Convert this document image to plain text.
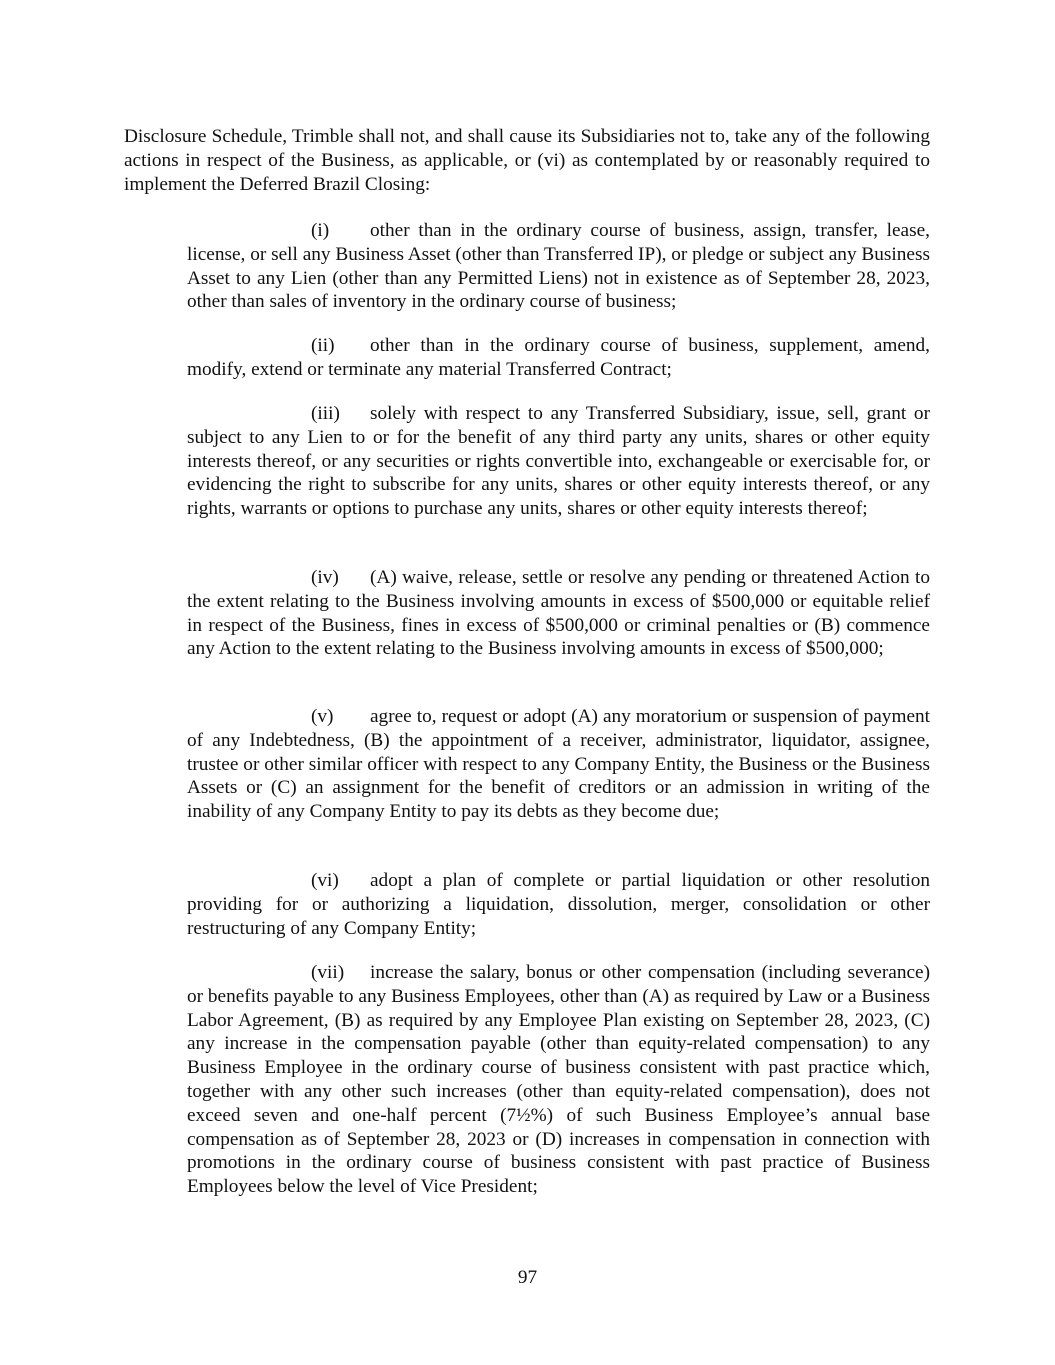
Disclosure Schedule, Trimble shall not, and shall cause its Subsidiaries not to, take any of the following actions in respect of the Business, as applicable, or (vi) as contemplated by or reasonably required to implement the Deferred Brazil Closing:

(i) other than in the ordinary course of business, assign, transfer, lease, license, or sell any Business Asset (other than Transferred IP), or pledge or subject any Business Asset to any Lien (other than any Permitted Liens) not in existence as of September 28, 2023, other than sales of inventory in the ordinary course of business;

(ii) other than in the ordinary course of business, supplement, amend, modify, extend or terminate any material Transferred Contract;

(iii) solely with respect to any Transferred Subsidiary, issue, sell, grant or subject to any Lien to or for the benefit of any third party any units, shares or other equity interests thereof, or any securities or rights convertible into, exchangeable or exercisable for, or evidencing the right to subscribe for any units, shares or other equity interests thereof, or any rights, warrants or options to purchase any units, shares or other equity interests thereof;

(iv) (A) waive, release, settle or resolve any pending or threatened Action to the extent relating to the Business involving amounts in excess of $500,000 or equitable relief in respect of the Business, fines in excess of $500,000 or criminal penalties or (B) commence any Action to the extent relating to the Business involving amounts in excess of $500,000;

(v) agree to, request or adopt (A) any moratorium or suspension of payment of any Indebtedness, (B) the appointment of a receiver, administrator, liquidator, assignee, trustee or other similar officer with respect to any Company Entity, the Business or the Business Assets or (C) an assignment for the benefit of creditors or an admission in writing of the inability of any Company Entity to pay its debts as they become due;

(vi) adopt a plan of complete or partial liquidation or other resolution providing for or authorizing a liquidation, dissolution, merger, consolidation or other restructuring of any Company Entity;

(vii) increase the salary, bonus or other compensation (including severance) or benefits payable to any Business Employees, other than (A) as required by Law or a Business Labor Agreement, (B) as required by any Employee Plan existing on September 28, 2023, (C) any increase in the compensation payable (other than equity-related compensation) to any Business Employee in the ordinary course of business consistent with past practice which, together with any other such increases (other than equity-related compensation), does not exceed seven and one-half percent (7½%) of such Business Employee’s annual base compensation as of September 28, 2023 or (D) increases in compensation in connection with promotions in the ordinary course of business consistent with past practice of Business Employees below the level of Vice President;

97
